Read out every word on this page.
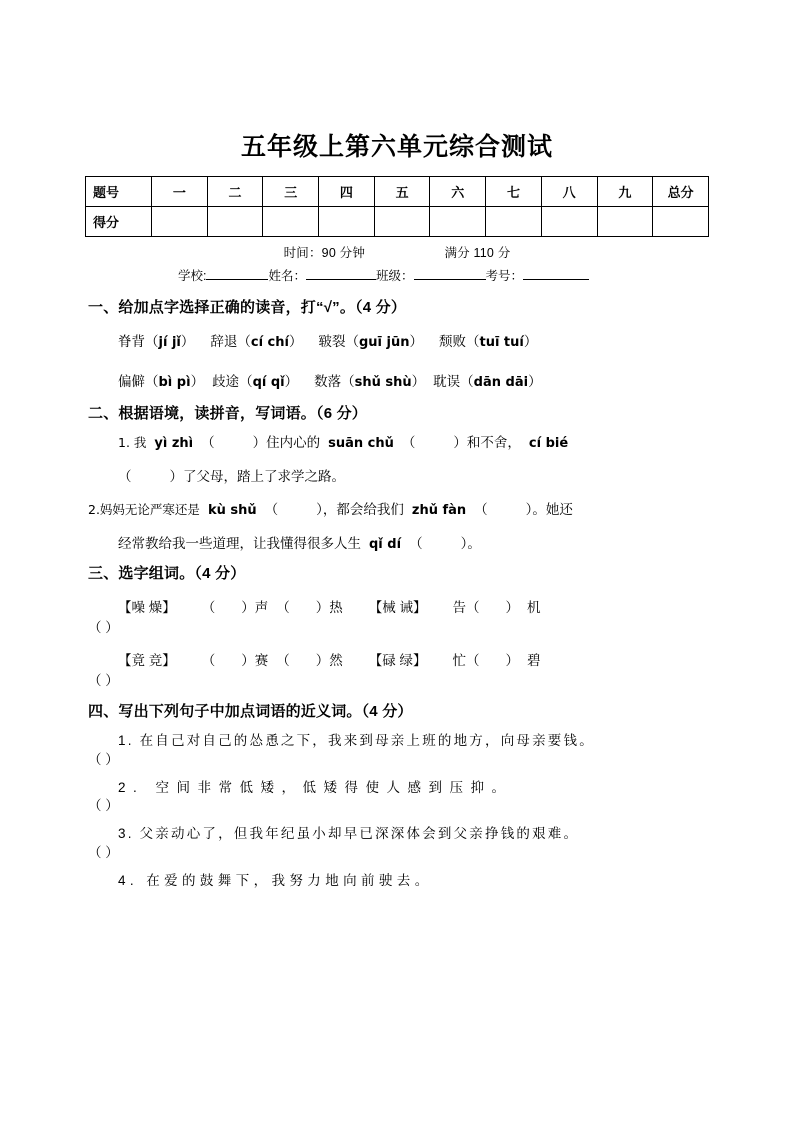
五年级上第六单元综合测试
题号	一	二	三	四	五	六	七	八	九	总分
得分										
时间：90 分钟	满分 110 分
学校:	姓名：	班级：	考号：
一、给加点字选择正确的读音，打“√”。（4 分）
脊背（jí jǐ） 辞退（cí chí） 皲裂（guī jūn） 颓败（tuī tuí）
偏僻（bì pì） 歧途（qí qǐ） 数落（shǔ shù） 耽误（dān dāi）
二、根据语境，读拼音，写词语。（6 分）
1. 我 yì zhì （	）住内心的 suān chǔ （	）和不舍， cí bié
（	）了父母，踏上了求学之路。
2.妈妈无论严寒还是 kù shǔ （	），都会给我们 zhǔ fàn （	）。她还
经常教给我一些道理，让我懂得很多人生 qǐ dí （	）。
三、选字组词。（4 分）
【噪 燥】 （ ）声 （ ）热 【械 诫】 告（ ） 机
（ ）
【竟 竞】 （ ）赛 （ ）然 【碌 绿】 忙（ ） 碧
（ ）
四、写出下列句子中加点词语的近义词。（4 分）
1. 在自己对自己的怂恿之下，我来到母亲上班的地方，向母亲要钱。
（ ）
2. 空间非常低矮，低矮得使人感到压抑。
（ ）
3. 父亲动心了，但我年纪虽小却早已深深体会到父亲挣钱的艰难。
（ ）
4. 在爱的鼓舞下，我努力地向前驶去。
